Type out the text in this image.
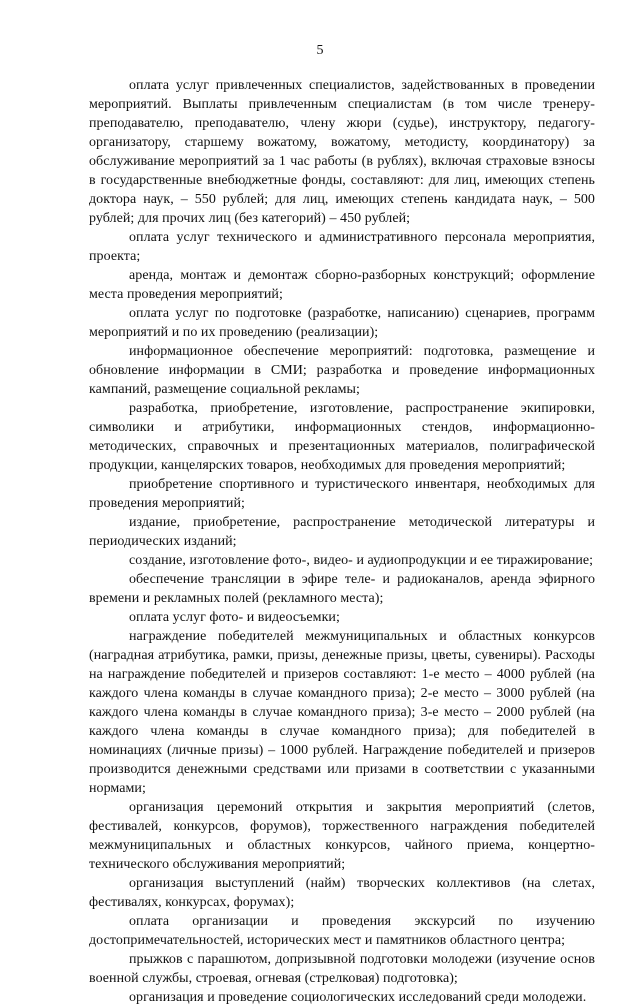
5

оплата услуг привлеченных специалистов, задействованных в проведении мероприятий. Выплаты привлеченным специалистам (в том числе тренеру-преподавателю, преподавателю, члену жюри (судье), инструктору, педагогу-организатору, старшему вожатому, вожатому, методисту, координатору) за обслуживание мероприятий за 1 час работы (в рублях), включая страховые взносы в государственные внебюджетные фонды, составляют: для лиц, имеющих степень доктора наук, – 550 рублей; для лиц, имеющих степень кандидата наук, – 500 рублей; для прочих лиц (без категорий) – 450 рублей;

оплата услуг технического и административного персонала мероприятия, проекта;

аренда, монтаж и демонтаж сборно-разборных конструкций; оформление места проведения мероприятий;

оплата услуг по подготовке (разработке, написанию) сценариев, программ мероприятий и по их проведению (реализации);

информационное обеспечение мероприятий: подготовка, размещение и обновление информации в СМИ; разработка и проведение информационных кампаний, размещение социальной рекламы;

разработка, приобретение, изготовление, распространение экипировки, символики и атрибутики, информационных стендов, информационно-методических, справочных и презентационных материалов, полиграфической продукции, канцелярских товаров, необходимых для проведения мероприятий;

приобретение спортивного и туристического инвентаря, необходимых для проведения мероприятий;

издание, приобретение, распространение методической литературы и периодических изданий;

создание, изготовление фото-, видео- и аудиопродукции и ее тиражирование;

обеспечение трансляции в эфире теле- и радиоканалов, аренда эфирного времени и рекламных полей (рекламного места);

оплата услуг фото- и видеосъемки;

награждение победителей межмуниципальных и областных конкурсов (наградная атрибутика, рамки, призы, денежные призы, цветы, сувениры). Расходы на награждение победителей и призеров составляют: 1-е место – 4000 рублей (на каждого члена команды в случае командного приза); 2-е место – 3000 рублей (на каждого члена команды в случае командного приза); 3-е место – 2000 рублей (на каждого члена команды в случае командного приза); для победителей в номинациях (личные призы) – 1000 рублей. Награждение победителей и призеров производится денежными средствами или призами в соответствии с указанными нормами;

организация церемоний открытия и закрытия мероприятий (слетов, фестивалей, конкурсов, форумов), торжественного награждения победителей межмуниципальных и областных конкурсов, чайного приема, концертно-технического обслуживания мероприятий;

организация выступлений (найм) творческих коллективов (на слетах, фестивалях, конкурсах, форумах);

оплата организации и проведения экскурсий по изучению достопримечательностей, исторических мест и памятников областного центра;

прыжков с парашютом, допризывной подготовки молодежи (изучение основ военной службы, строевая, огневая (стрелковая) подготовка);

организация и проведение социологических исследований среди молодежи.
